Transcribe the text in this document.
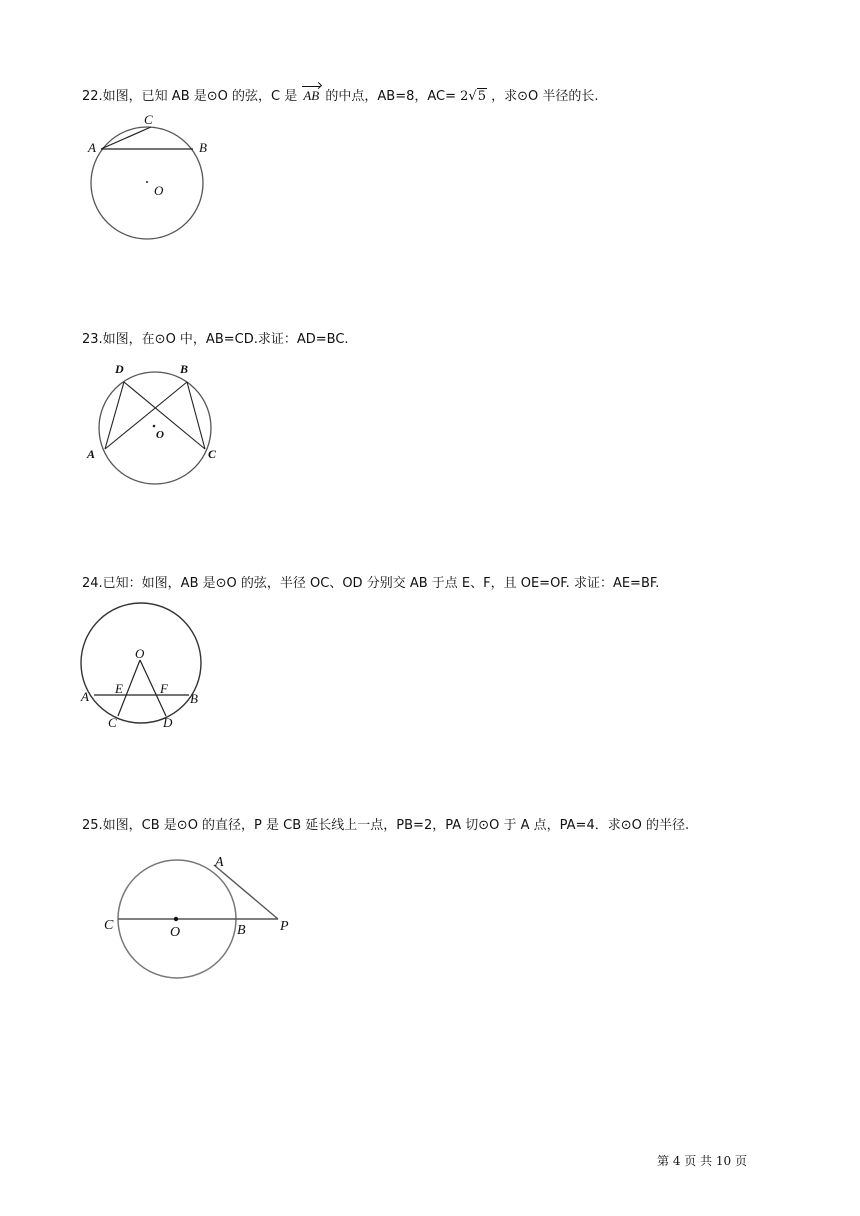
22.如图，已知 AB 是⊙O 的弦，C 是 AB 的中点，AB=8，AC= 2√5 ，求⊙O 半径的长.
C
A	B
O
23.如图，在⊙O 中，AB=CD.求证：AD=BC.
D	B
A	C
O
24.已知：如图，AB 是⊙O 的弦，半径 OC、OD 分别交 AB 于点 E、F，且 OE=OF. 求证：AE=BF.
O
A	B
E	F
C	D
25.如图，CB 是⊙O 的直径，P 是 CB 延长线上一点，PB=2，PA 切⊙O 于 A 点，PA=4．求⊙O 的半径.
A
C	O	B P
第 4 页 共 10 页
